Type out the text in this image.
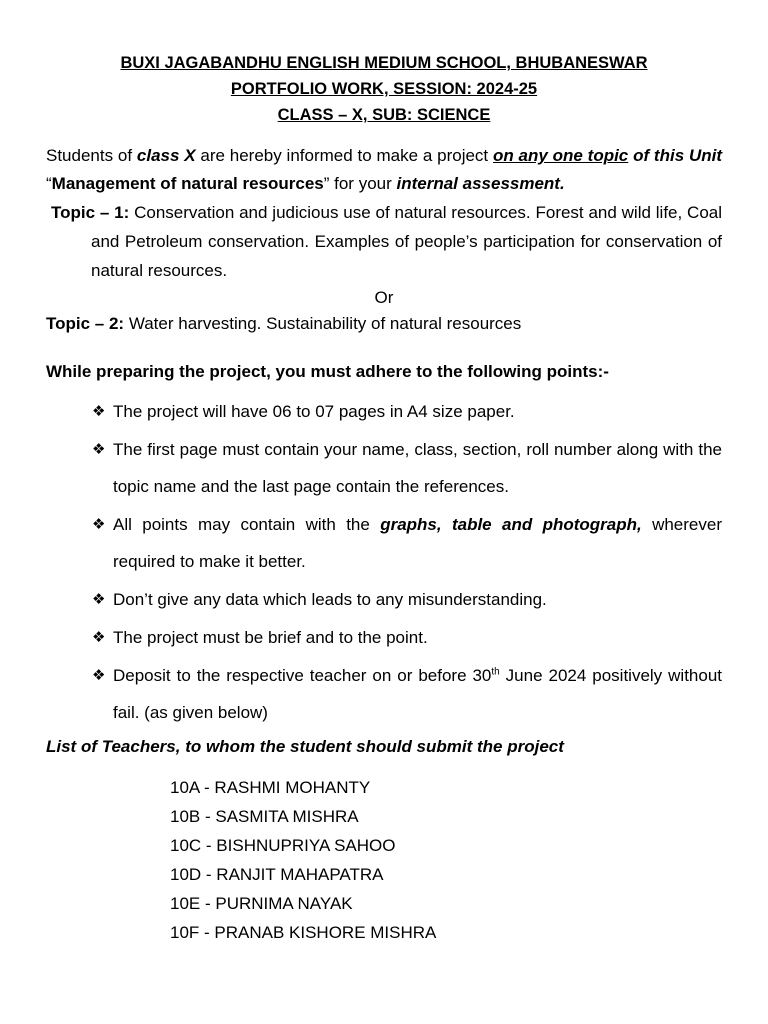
BUXI JAGABANDHU ENGLISH MEDIUM SCHOOL, BHUBANESWAR
PORTFOLIO WORK, SESSION: 2024-25
CLASS – X, SUB: SCIENCE
Students of class X are hereby informed to make a project on any one topic of this Unit “Management of natural resources” for your internal assessment.
Topic – 1: Conservation and judicious use of natural resources. Forest and wild life, Coal and Petroleum conservation. Examples of people’s participation for conservation of natural resources.
Or
Topic – 2: Water harvesting. Sustainability of natural resources
While preparing the project, you must adhere to the following points:-
❖ The project will have 06 to 07 pages in A4 size paper.
❖ The first page must contain your name, class, section, roll number along with the topic name and the last page contain the references.
❖ All points may contain with the graphs, table and photograph, wherever required to make it better.
❖ Don’t give any data which leads to any misunderstanding.
❖ The project must be brief and to the point.
❖ Deposit to the respective teacher on or before 30th June 2024 positively without fail. (as given below)
List of Teachers, to whom the student should submit the project
10A - RASHMI MOHANTY
10B - SASMITA MISHRA
10C - BISHNUPRIYA SAHOO
10D - RANJIT MAHAPATRA
10E - PURNIMA NAYAK
10F - PRANAB KISHORE MISHRA
